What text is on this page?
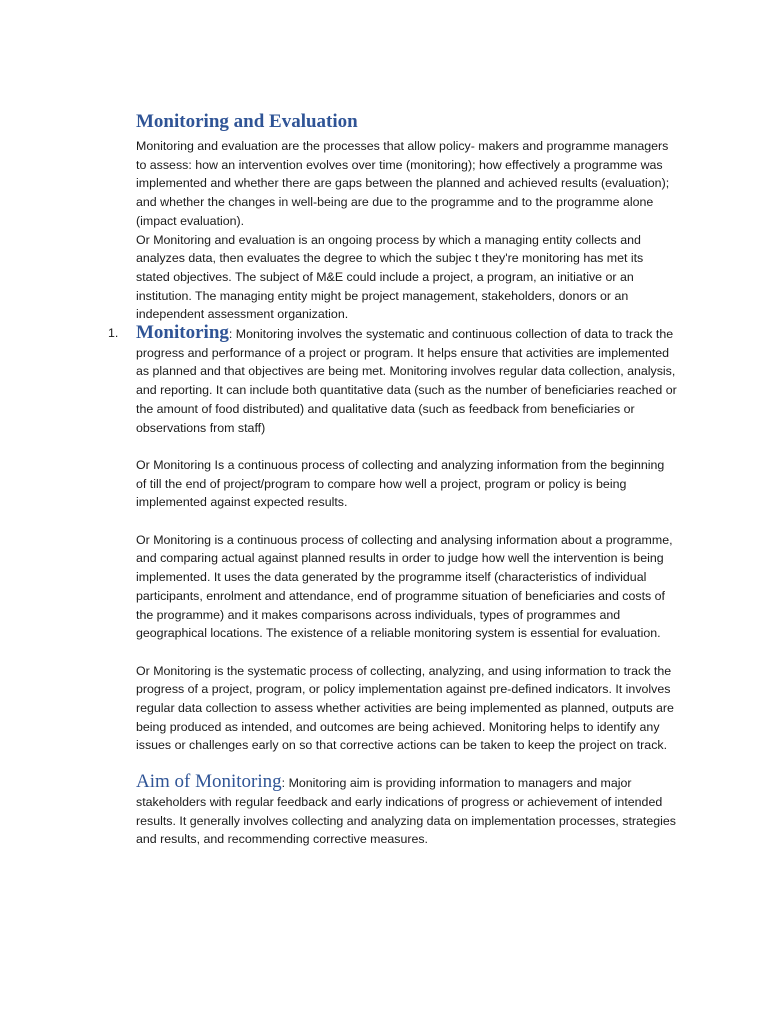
Monitoring and Evaluation

Monitoring and evaluation are the processes that allow policy- makers and programme managers to assess: how an intervention evolves over time (monitoring); how effectively a programme was implemented and whether there are gaps between the planned and achieved results (evaluation); and whether the changes in well-being are due to the programme and to the programme alone (impact evaluation).

Or Monitoring and evaluation is an ongoing process by which a managing entity collects and analyzes data, then evaluates the degree to which the subjec t they're monitoring has met its stated objectives. The subject of M&E could include a project, a program, an initiative or an institution. The managing entity might be project management, stakeholders, donors or an independent assessment organization.

1. Monitoring: Monitoring involves the systematic and continuous collection of data to track the progress and performance of a project or program. It helps ensure that activities are implemented as planned and that objectives are being met. Monitoring involves regular data collection, analysis, and reporting. It can include both quantitative data (such as the number of beneficiaries reached or the amount of food distributed) and qualitative data (such as feedback from beneficiaries or observations from staff)

Or Monitoring Is a continuous process of collecting and analyzing information from the beginning of till the end of project/program to compare how well a project, program or policy is being implemented against expected results.

Or Monitoring is a continuous process of collecting and analysing information about a programme, and comparing actual against planned results in order to judge how well the intervention is being implemented. It uses the data generated by the programme itself (characteristics of individual participants, enrolment and attendance, end of programme situation of beneficiaries and costs of the programme) and it makes comparisons across individuals, types of programmes and geographical locations. The existence of a reliable monitoring system is essential for evaluation.

Or Monitoring is the systematic process of collecting, analyzing, and using information to track the progress of a project, program, or policy implementation against pre-defined indicators. It involves regular data collection to assess whether activities are being implemented as planned, outputs are being produced as intended, and outcomes are being achieved. Monitoring helps to identify any issues or challenges early on so that corrective actions can be taken to keep the project on track.

Aim of Monitoring: Monitoring aim is providing information to managers and major stakeholders with regular feedback and early indications of progress or achievement of intended results. It generally involves collecting and analyzing data on implementation processes, strategies and results, and recommending corrective measures.
